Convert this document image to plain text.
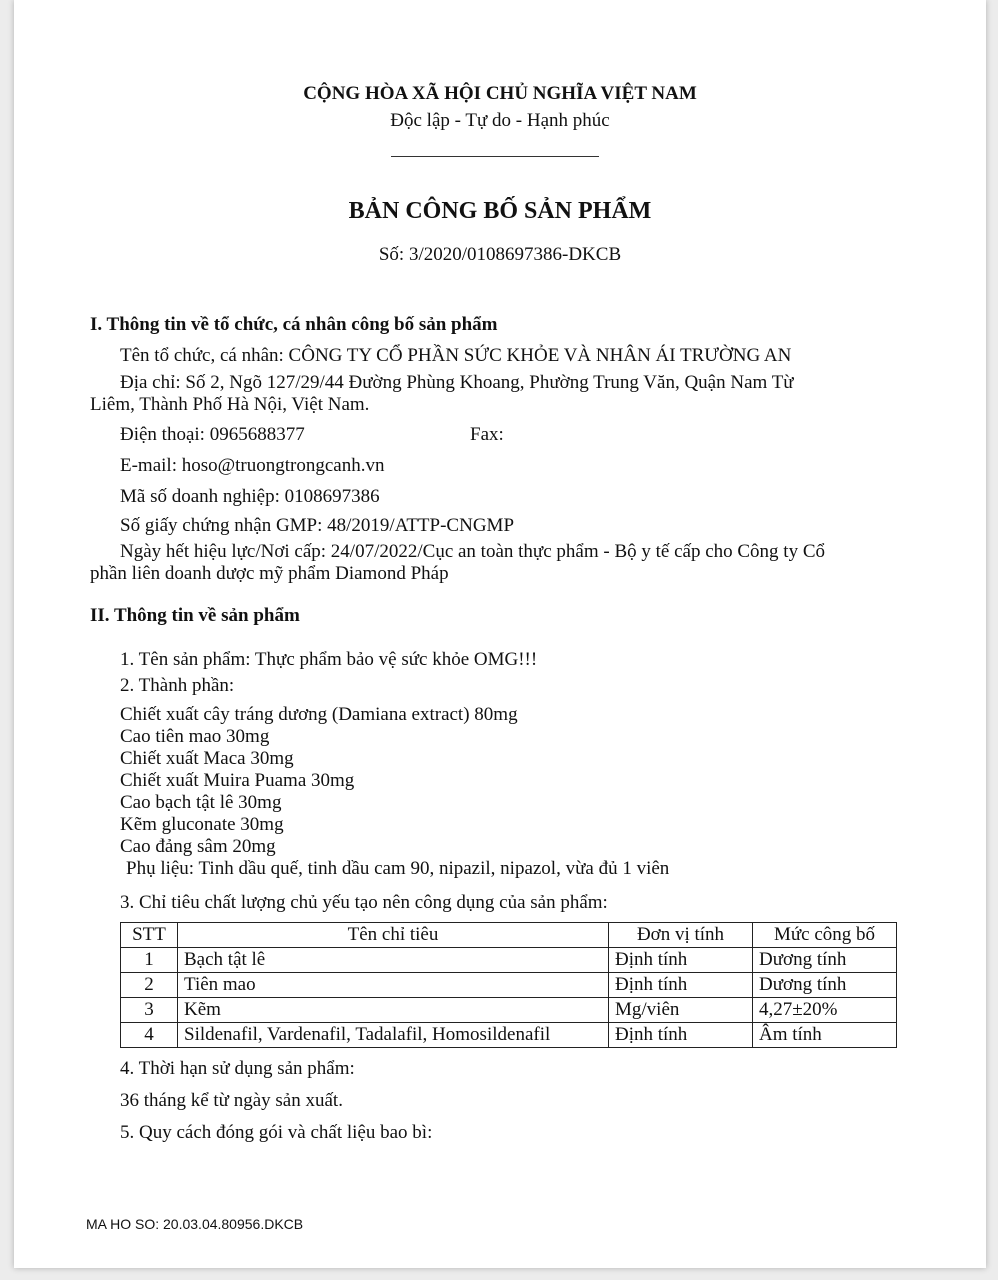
CỘNG HÒA XÃ HỘI CHỦ NGHĨA VIỆT NAM
Độc lập - Tự do - Hạnh phúc
BẢN CÔNG BỐ SẢN PHẨM
Số: 3/2020/0108697386-DKCB
I. Thông tin về tổ chức, cá nhân công bố sản phẩm
Tên tổ chức, cá nhân: CÔNG TY CỔ PHẦN SỨC KHỎE VÀ NHÂN ÁI TRƯỜNG AN
Địa chỉ: Số 2, Ngõ 127/29/44 Đường Phùng Khoang, Phường Trung Văn, Quận Nam Từ
Liêm, Thành Phố Hà Nội, Việt Nam.
Điện thoại: 0965688377	Fax:
E-mail: hoso@truongtrongcanh.vn
Mã số doanh nghiệp: 0108697386
Số giấy chứng nhận GMP: 48/2019/ATTP-CNGMP
Ngày hết hiệu lực/Nơi cấp: 24/07/2022/Cục an toàn thực phẩm - Bộ y tế cấp cho Công ty Cổ
phần liên doanh dược mỹ phẩm Diamond Pháp
II. Thông tin về sản phẩm
1. Tên sản phẩm: Thực phẩm bảo vệ sức khỏe OMG!!!
2. Thành phần:
Chiết xuất cây tráng dương (Damiana extract) 80mg
Cao tiên mao 30mg
Chiết xuất Maca 30mg
Chiết xuất Muira Puama 30mg
Cao bạch tật lê 30mg
Kẽm gluconate 30mg
Cao đảng sâm 20mg
Phụ liệu: Tinh dầu quế, tinh dầu cam 90, nipazil, nipazol, vừa đủ 1 viên
3. Chỉ tiêu chất lượng chủ yếu tạo nên công dụng của sản phẩm:
STT	Tên chỉ tiêu	Đơn vị tính	Mức công bố
1	Bạch tật lê	Định tính	Dương tính
2	Tiên mao	Định tính	Dương tính
3	Kẽm	Mg/viên	4,27±20%
4	Sildenafil, Vardenafil, Tadalafil, Homosildenafil	Định tính	Âm tính
4. Thời hạn sử dụng sản phẩm:
36 tháng kể từ ngày sản xuất.
5. Quy cách đóng gói và chất liệu bao bì:
MA HO SO: 20.03.04.80956.DKCB
